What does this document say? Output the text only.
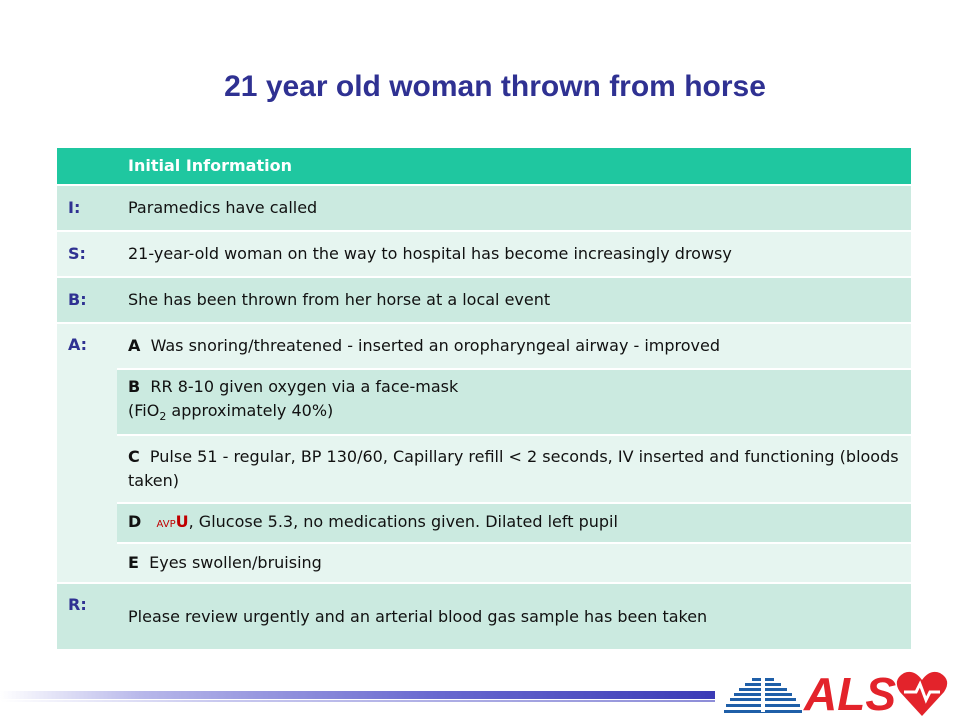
21 year old woman thrown from horse
	Initial Information
I:	Paramedics have called
S:	21-year-old woman on the way to hospital has become increasingly drowsy
B:	She has been thrown from her horse at a local event
A:	A Was snoring/threatened - inserted an oropharyngeal airway - improved
	B RR 8-10 given oxygen via a face-mask
(FiO$_2$ approximately 40%)
	C Pulse 51 - regular, BP 130/60, Capillary refill < 2 seconds, IV inserted and functioning (bloods taken)
	D AVPU, Glucose 5.3, no medications given. Dilated left pupil
	E Eyes swollen/bruising
R:	Please review urgently and an arterial blood gas sample has been taken
ALS
